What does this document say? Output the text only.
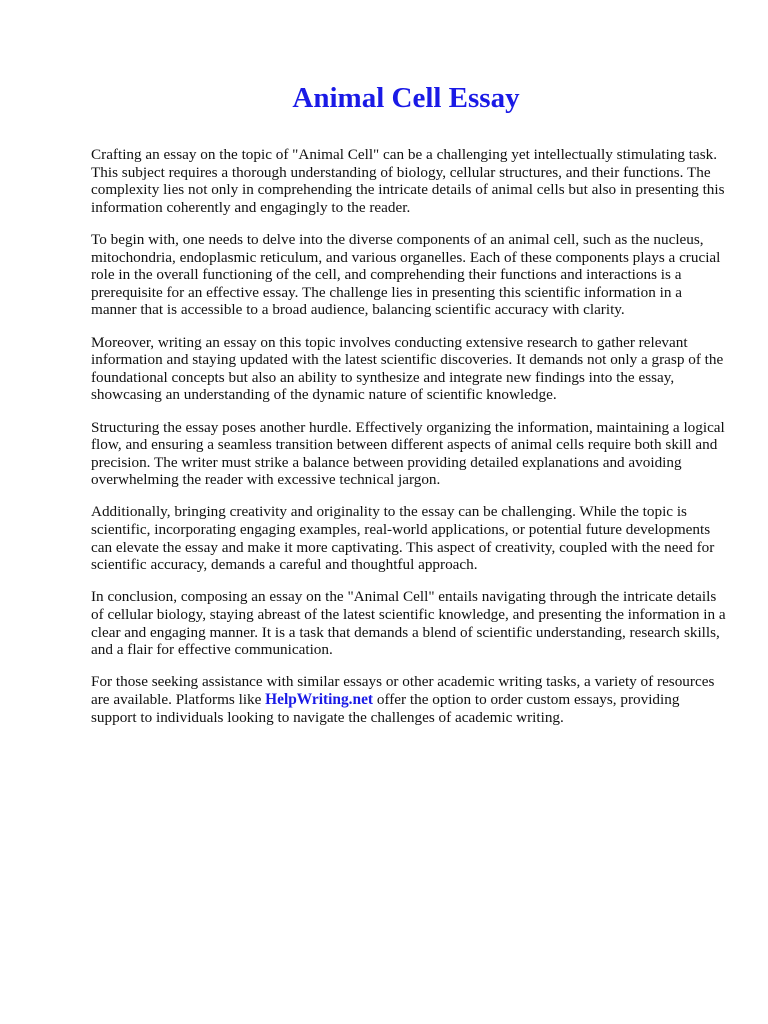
Animal Cell Essay

Crafting an essay on the topic of "Animal Cell" can be a challenging yet intellectually stimulating task. This subject requires a thorough understanding of biology, cellular structures, and their functions. The complexity lies not only in comprehending the intricate details of animal cells but also in presenting this information coherently and engagingly to the reader.

To begin with, one needs to delve into the diverse components of an animal cell, such as the nucleus, mitochondria, endoplasmic reticulum, and various organelles. Each of these components plays a crucial role in the overall functioning of the cell, and comprehending their functions and interactions is a prerequisite for an effective essay. The challenge lies in presenting this scientific information in a manner that is accessible to a broad audience, balancing scientific accuracy with clarity.

Moreover, writing an essay on this topic involves conducting extensive research to gather relevant information and staying updated with the latest scientific discoveries. It demands not only a grasp of the foundational concepts but also an ability to synthesize and integrate new findings into the essay, showcasing an understanding of the dynamic nature of scientific knowledge.

Structuring the essay poses another hurdle. Effectively organizing the information, maintaining a logical flow, and ensuring a seamless transition between different aspects of animal cells require both skill and precision. The writer must strike a balance between providing detailed explanations and avoiding overwhelming the reader with excessive technical jargon.

Additionally, bringing creativity and originality to the essay can be challenging. While the topic is scientific, incorporating engaging examples, real-world applications, or potential future developments can elevate the essay and make it more captivating. This aspect of creativity, coupled with the need for scientific accuracy, demands a careful and thoughtful approach.

In conclusion, composing an essay on the "Animal Cell" entails navigating through the intricate details of cellular biology, staying abreast of the latest scientific knowledge, and presenting the information in a clear and engaging manner. It is a task that demands a blend of scientific understanding, research skills, and a flair for effective communication.

For those seeking assistance with similar essays or other academic writing tasks, a variety of resources are available. Platforms like HelpWriting.net offer the option to order custom essays, providing support to individuals looking to navigate the challenges of academic writing.
